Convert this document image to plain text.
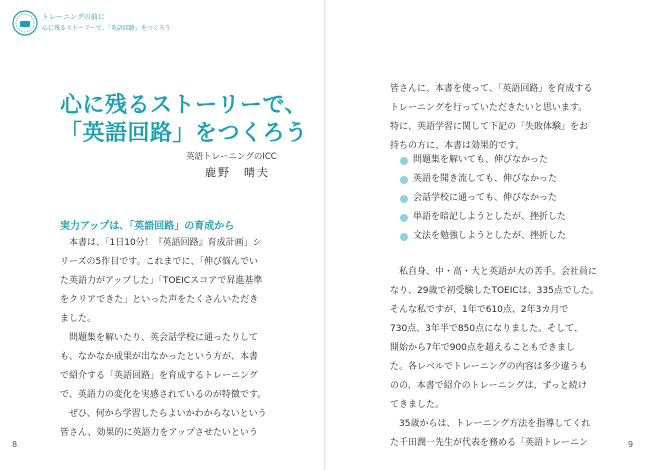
トレーニングの前に
心に残るストーリーで、「英語回路」をつくろう
心に残るストーリーで、
「英語回路」をつくろう
英語トレーニングのICC
鹿野　晴夫
実力アップは、「英語回路」の育成から
　本書は、「1日10分！『英語回路』育成計画」シ
リーズの5作目です。これまでに、「伸び悩んでい
た英語力がアップした」「TOEICスコアで昇進基準
をクリアできた」といった声をたくさんいただき
ました。
　問題集を解いたり、英会話学校に通ったりして
も、なかなか成果が出なかったという方が、本書
で紹介する「英語回路」を育成するトレーニング
で、英語力の変化を実感されているのが特徴です。
　ぜひ、何から学習したらよいかわからないという
皆さん、効果的に英語力をアップさせたいという
8
皆さんに、本書を使って、「英語回路」を育成する
トレーニングを行っていただきたいと思います。
特に、英語学習に関して下記の「失敗体験」をお
持ちの方に、本書は効果的です。
問題集を解いても、伸びなかった
英語を聞き流しても、伸びなかった
会話学校に通っても、伸びなかった
単語を暗記しようとしたが、挫折した
文法を勉強しようとしたが、挫折した
　私自身、中・高・大と英語が大の苦手。会社員に
なり、29歳で初受験したTOEICは、335点でした。
そんな私ですが、1年で610点、2年3カ月で
730点、3年半で850点になりました。そして、
開始から7年で900点を超えることもできまし
た。各レベルでトレーニングの内容は多少違うも
のの、本書で紹介のトレーニングは、ずっと続け
てきました。
　35歳からは、トレーニング方法を指導してくれ
た千田潤一先生が代表を務める「英語トレーニン	9
